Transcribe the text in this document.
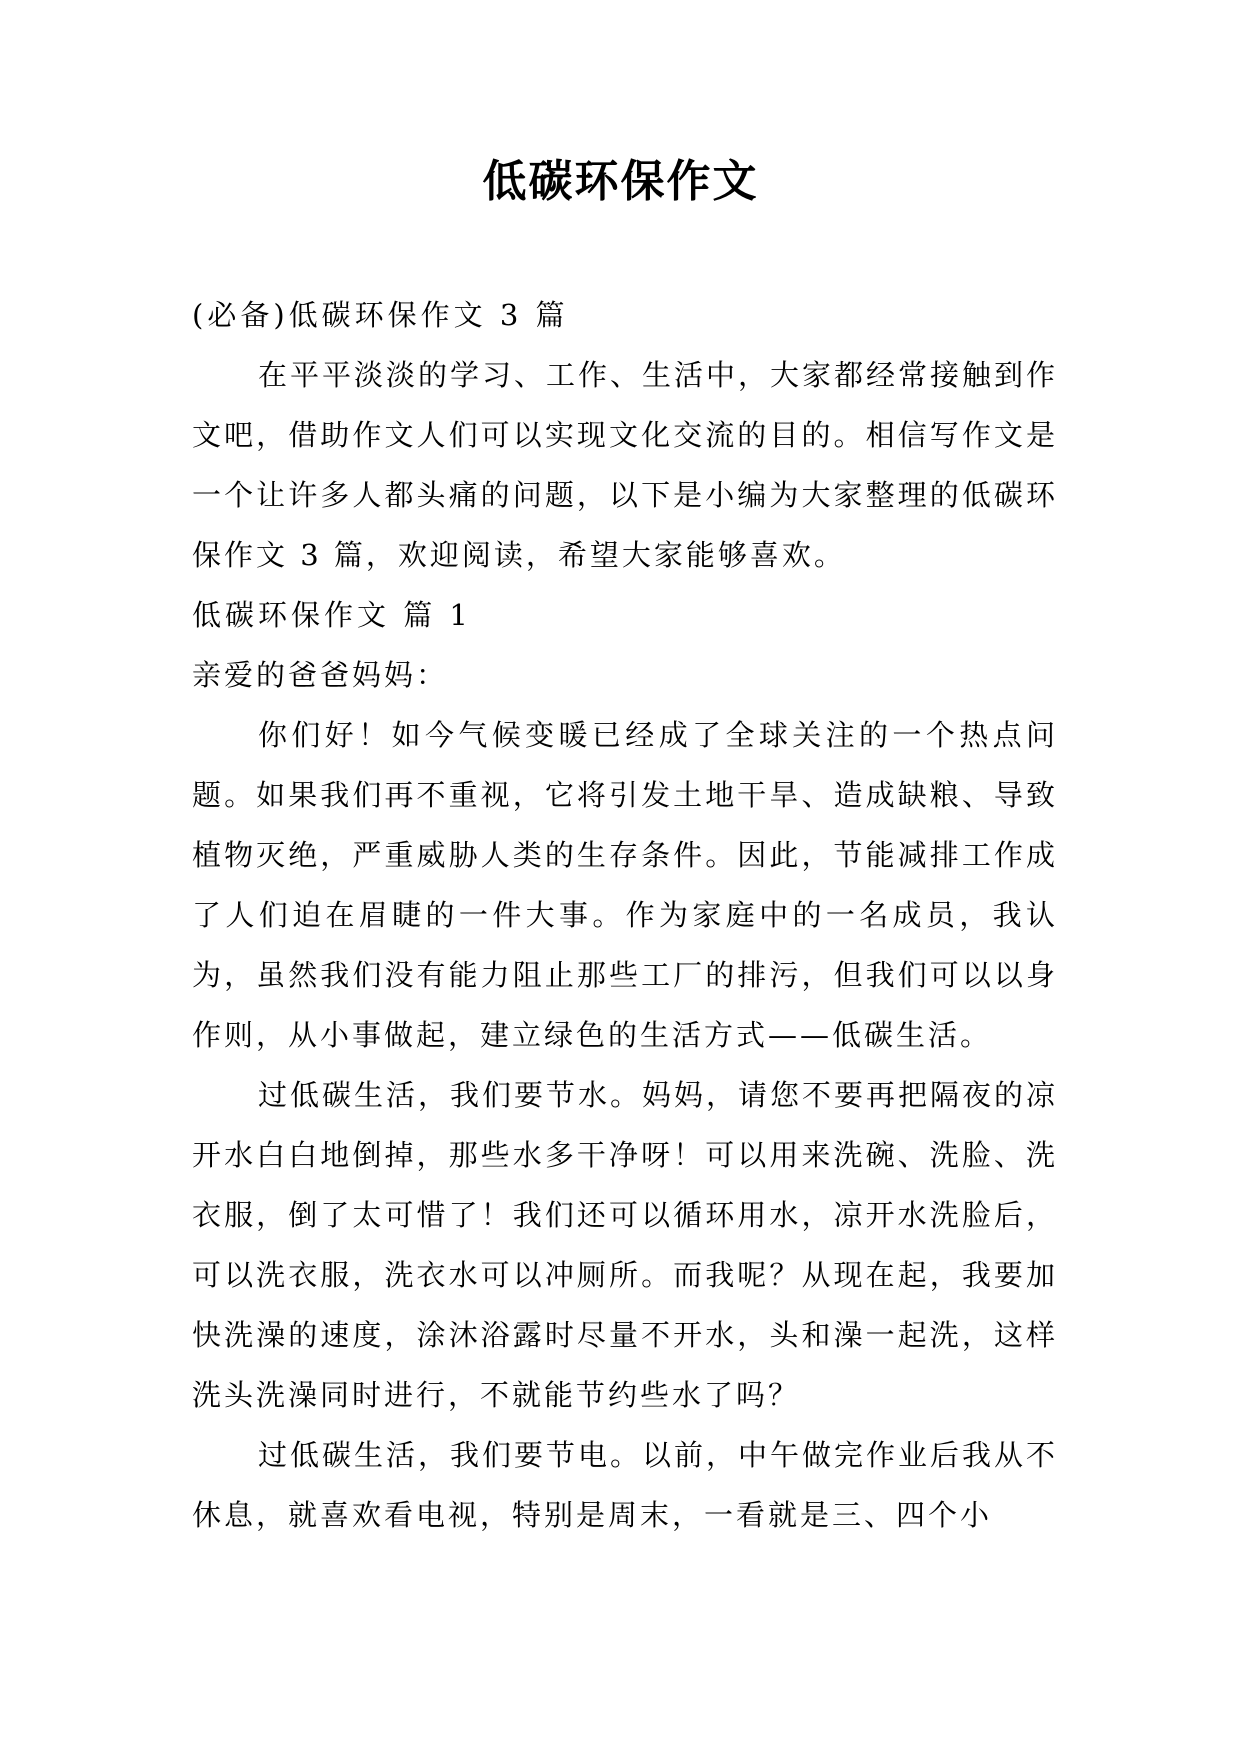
低碳环保作文

(必备)低碳环保作文 3 篇

在平平淡淡的学习、工作、生活中，大家都经常接触到作文吧，借助作文人们可以实现文化交流的目的。相信写作文是一个让许多人都头痛的问题，以下是小编为大家整理的低碳环保作文 3 篇，欢迎阅读，希望大家能够喜欢。

低碳环保作文 篇 1

亲爱的爸爸妈妈：

你们好！如今气候变暖已经成了全球关注的一个热点问题。如果我们再不重视，它将引发土地干旱、造成缺粮、导致植物灭绝，严重威胁人类的生存条件。因此，节能减排工作成了人们迫在眉睫的一件大事。作为家庭中的一名成员，我认为，虽然我们没有能力阻止那些工厂的排污，但我们可以以身作则，从小事做起，建立绿色的生活方式——低碳生活。

过低碳生活，我们要节水。妈妈，请您不要再把隔夜的凉开水白白地倒掉，那些水多干净呀！可以用来洗碗、洗脸、洗衣服，倒了太可惜了！我们还可以循环用水，凉开水洗脸后，可以洗衣服，洗衣水可以冲厕所。而我呢？从现在起，我要加快洗澡的速度，涂沐浴露时尽量不开水，头和澡一起洗，这样洗头洗澡同时进行，不就能节约些水了吗？

过低碳生活，我们要节电。以前，中午做完作业后我从不休息，就喜欢看电视，特别是周末，一看就是三、四个小
